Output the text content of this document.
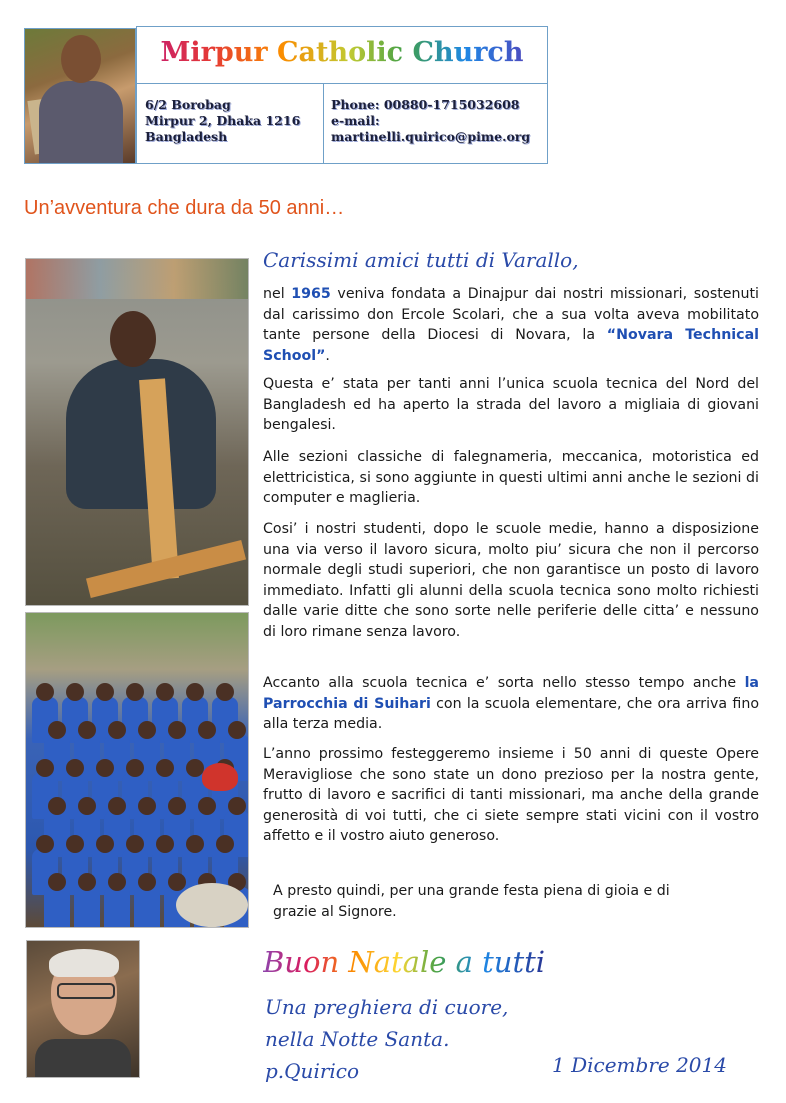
Mirpur Catholic Church
6/2 Borobag
Mirpur 2, Dhaka 1216
Bangladesh
Phone: 00880-1715032608
e-mail:
martinelli.quirico@pime.org
Un’avventura che dura da 50 anni…
Carissimi amici tutti di Varallo,
nel 1965 veniva fondata a Dinajpur dai nostri missionari, sostenuti dal carissimo don Ercole Scolari, che a sua volta aveva mobilitato tante persone della Diocesi di Novara, la “Novara Technical School”.
Questa e’ stata per tanti anni l’unica scuola tecnica del Nord del Bangladesh ed ha aperto la strada del lavoro a migliaia di giovani bengalesi.
Alle sezioni classiche di falegnameria, meccanica, motoristica ed elettricistica, si sono aggiunte in questi ultimi anni anche le sezioni di computer e maglieria.
Cosi’ i nostri studenti, dopo le scuole medie, hanno a disposizione una via verso il lavoro sicura, molto piu’ sicura che non il percorso normale degli studi superiori, che non garantisce un posto di lavoro immediato. Infatti gli alunni della scuola tecnica sono molto richiesti dalle varie ditte che sono sorte nelle periferie delle citta’ e nessuno di loro rimane senza lavoro.
Accanto alla scuola tecnica e’ sorta nello stesso tempo anche la Parrocchia di Suihari con la scuola elementare, che ora arriva fino alla terza media.
L’anno prossimo festeggeremo insieme i 50 anni di queste Opere Meravigliose che sono state un dono prezioso per la nostra gente, frutto di lavoro e sacrifici di tanti missionari, ma anche della grande generosità di voi tutti, che ci siete sempre stati vicini con il vostro affetto e il vostro aiuto generoso.
A presto quindi, per una grande festa piena di gioia e di grazie al Signore.
Buon Natale a tutti
Una preghiera di cuore,
nella Notte Santa.
p.Quirico	1 Dicembre 2014
